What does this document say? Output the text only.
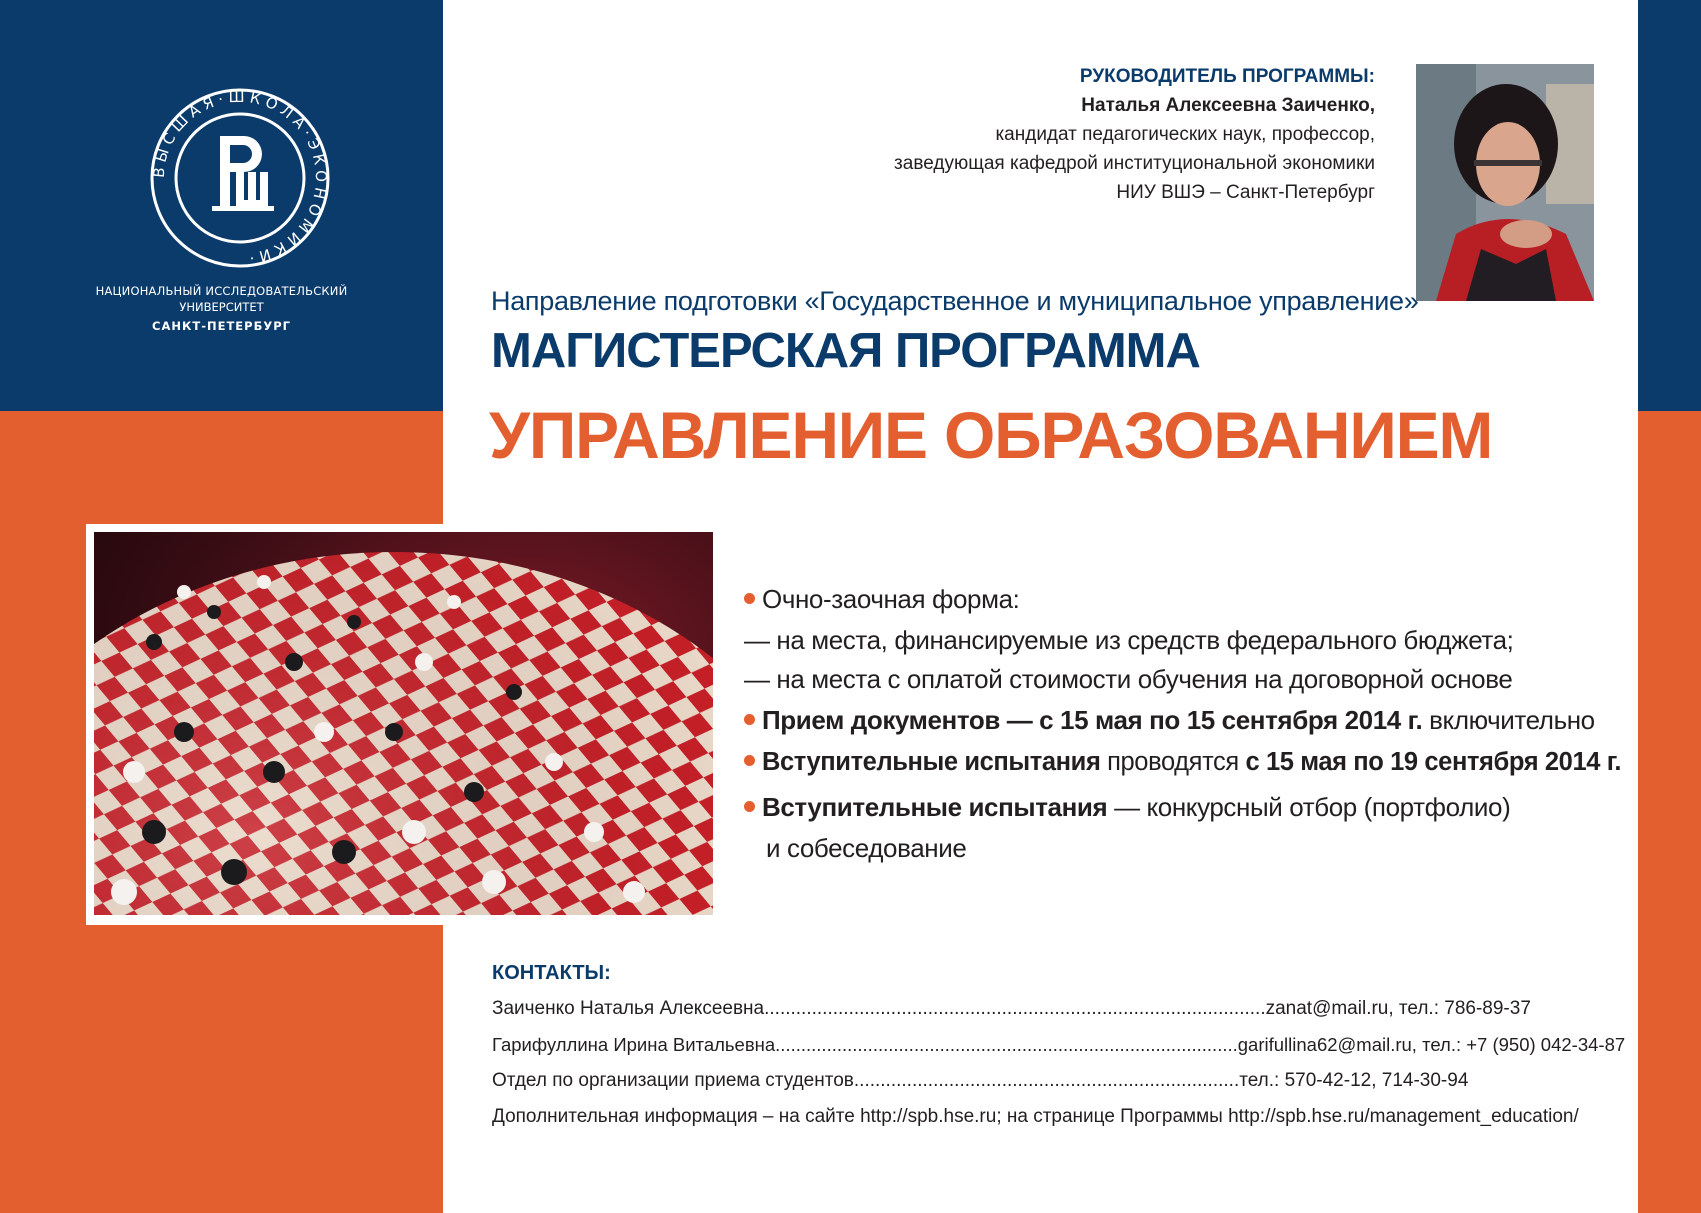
ВЫСШАЯ·ШКОЛА·ЭКОНОМИКИ·
НАЦИОНАЛЬНЫЙ ИССЛЕДОВАТЕЛЬСКИЙ
УНИВЕРСИТЕТ
САНКТ-ПЕТЕРБУРГ
РУКОВОДИТЕЛЬ ПРОГРАММЫ:
Наталья Алексеевна Заиченко,
кандидат педагогических наук, профессор,
заведующая кафедрой институциональной экономики
НИУ ВШЭ – Санкт-Петербург
Направление подготовки «Государственное и муниципальное управление»
МАГИСТЕРСКАЯ ПРОГРАММА
УПРАВЛЕНИЕ ОБРАЗОВАНИЕМ
Очно-заочная форма:
— на места, финансируемые из средств федерального бюджета;
— на места с оплатой стоимости обучения на договорной основе
Прием документов — с 15 мая по 15 сентября 2014 г. включительно
Вступительные испытания проводятся с 15 мая по 19 сентября 2014 г.
Вступительные испытания — конкурсный отбор (портфолио)
и собеседование
КОНТАКТЫ:
Заиченко Наталья Алексеевна...............................................................................................zanat@mail.ru, тел.: 786-89-37
Гарифуллина Ирина Витальевна..........................................................................................garifullina62@mail.ru, тел.: +7 (950) 042-34-87
Отдел по организации приема студентов.........................................................................тел.: 570-42-12, 714-30-94
Дополнительная информация – на сайте http://spb.hse.ru; на странице Программы http://spb.hse.ru/management_education/
